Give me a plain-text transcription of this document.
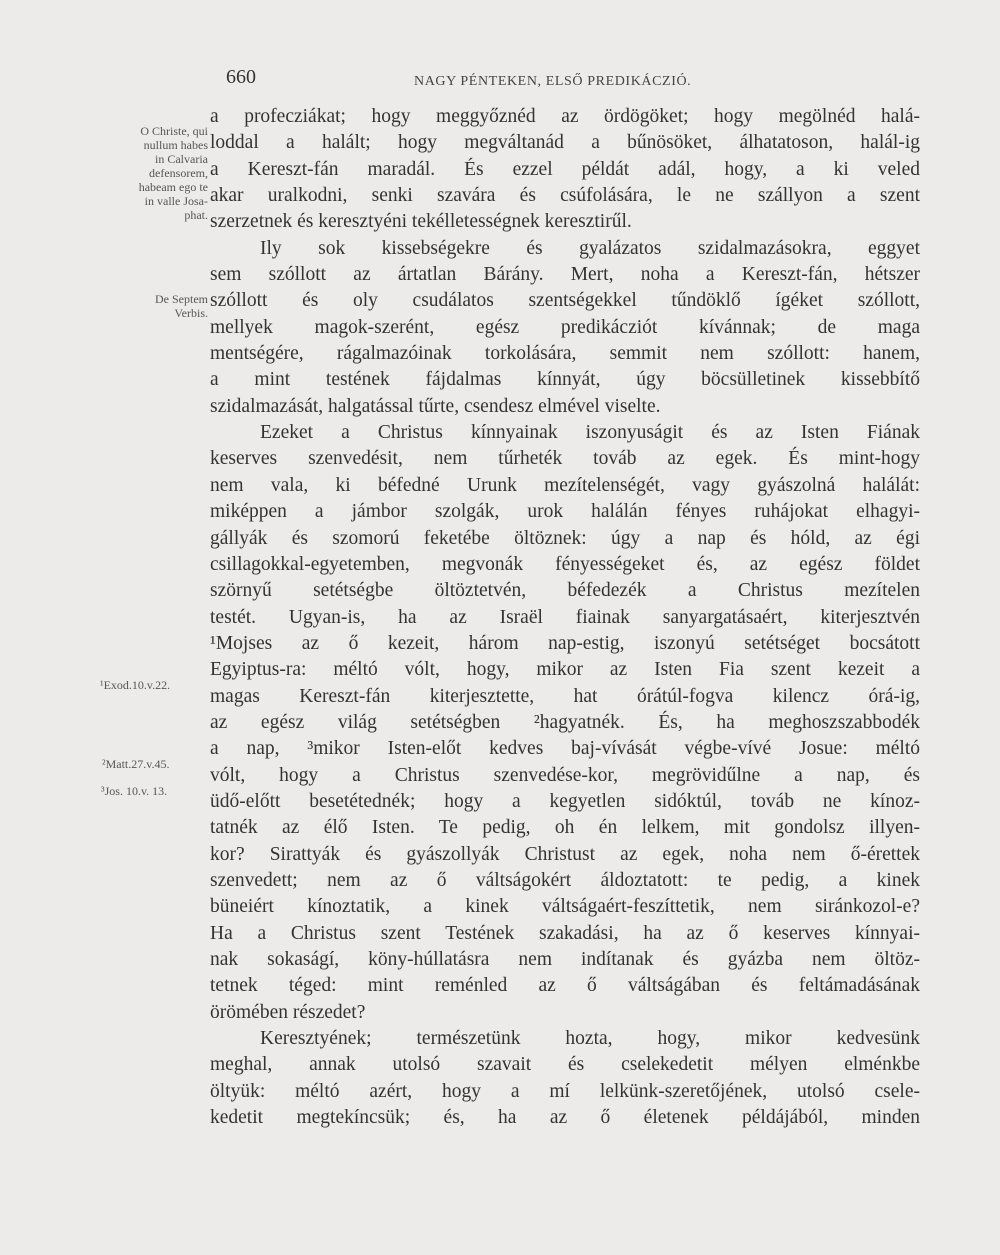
660	NAGY PÉNTEKEN, ELSŐ PREDIKÁCZIÓ.
O Christe, qui
nullum habes
in Calvaria
defensorem,
habeam ego te
in valle Josa-
phat.
De Septem
Verbis.
¹Exod.10.v.22.
²Matt.27.v.45.
³Jos. 10.v. 13.
a profecziákat; hogy meggyőznéd az ördögöket; hogy megölnéd halá-
loddal a halált; hogy megváltanád a bűnösöket, álhatatoson, halál-ig
a Kereszt-fán maradál. És ezzel példát adál, hogy, a ki veled
akar uralkodni, senki szavára és csúfolására, le ne szállyon a szent
szerzetnek és keresztyéni tekélletességnek keresztirűl.
Ily sok kissebségekre és gyalázatos szidalmazásokra, eggyet
sem szóllott az ártatlan Bárány. Mert, noha a Kereszt-fán, hétszer
szóllott és oly csudálatos szentségekkel tűndöklő ígéket szóllott,
mellyek magok-szerént, egész predikácziót kívánnak; de maga
mentségére, rágalmazóinak torkolására, semmit nem szóllott: hanem,
a mint testének fájdalmas kínnyát, úgy böcsülletinek kissebbítő
szidalmazását, halgatással tűrte, csendesz elmével viselte.
Ezeket a Christus kínnyainak iszonyuságit és az Isten Fiának
keserves szenvedésit, nem tűrheték továb az egek. És mint-hogy
nem vala, ki béfedné Urunk mezítelenségét, vagy gyászolná halálát:
miképpen a jámbor szolgák, urok halálán fényes ruhájokat elhagyi-
gállyák és szomorú feketébe öltöznek: úgy a nap és hóld, az égi
csillagokkal-egyetemben, megvonák fényességeket és, az egész földet
szörnyű setétségbe öltöztetvén, béfedezék a Christus mezítelen
testét. Ugyan-is, ha az Israël fiainak sanyargatásaért, kiterjesztvén
¹Mojses az ő kezeit, három nap-estig, iszonyú setétséget bocsátott
Egyiptus-ra: méltó vólt, hogy, mikor az Isten Fia szent kezeit a
magas Kereszt-fán kiterjesztette, hat órátúl-fogva kilencz órá-ig,
az egész világ setétségben ²hagyatnék. És, ha meghoszszabbodék
a nap, ³mikor Isten-előt kedves baj-vívását végbe-vívé Josue: méltó
vólt, hogy a Christus szenvedése-kor, megrövidűlne a nap, és
üdő-előtt besetétednék; hogy a kegyetlen sidóktúl, továb ne kínoz-
tatnék az élő Isten. Te pedig, oh én lelkem, mit gondolsz illyen-
kor? Sirattyák és gyászollyák Christust az egek, noha nem ő-érettek
szenvedett; nem az ő váltságokért áldoztatott: te pedig, a kinek
büneiért kínoztatik, a kinek váltságaért-feszíttetik, nem siránkozol-e?
Ha a Christus szent Testének szakadási, ha az ő keserves kínnyai-
nak sokaságí, köny-húllatásra nem indítanak és gyázba nem öltöz-
tetnek téged: mint reménled az ő váltságában és feltámadásának
örömében részedet?
Keresztyének; természetünk hozta, hogy, mikor kedvesünk
meghal, annak utolsó szavait és cselekedetit mélyen elménkbe
öltyük: méltó azért, hogy a mí lelkünk-szeretőjének, utolsó csele-
kedetit megtekíncsük; és, ha az ő életenek példájából, minden
